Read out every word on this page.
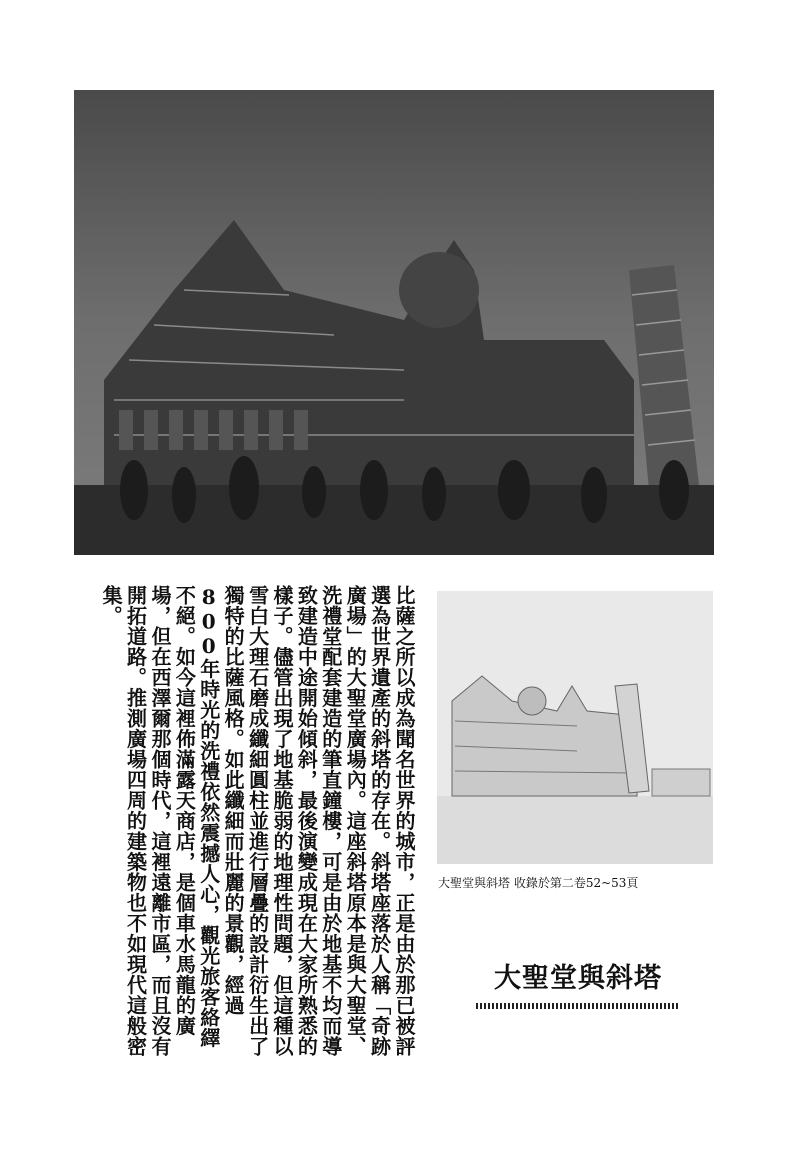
比薩之所以成為聞名世界的城市，正是由於那已被評選為世界遺產的斜塔的存在。斜塔座落於人稱「奇跡廣場」的大聖堂廣場內。這座斜塔原本是與大聖堂、洗禮堂配套建造的筆直鐘樓，可是由於地基不均而導致建造中途開始傾斜，最後演變成現在大家所熟悉的樣子。儘管出現了地基脆弱的地理性問題，但這種以雪白大理石磨成纖細圓柱並進行層疊的設計衍生出了獨特的比薩風格。如此纖細而壯麗的景觀，經過800年時光的洗禮依然震撼人心，觀光旅客絡繹不絕。如今這裡佈滿露天商店，是個車水馬龍的廣場，但在西澤爾那個時代，這裡遠離市區，而且沒有開拓道路。推測廣場四周的建築物也不如現代這般密集。
大聖堂與斜塔 收錄於第二卷52~53頁
大聖堂與斜塔
